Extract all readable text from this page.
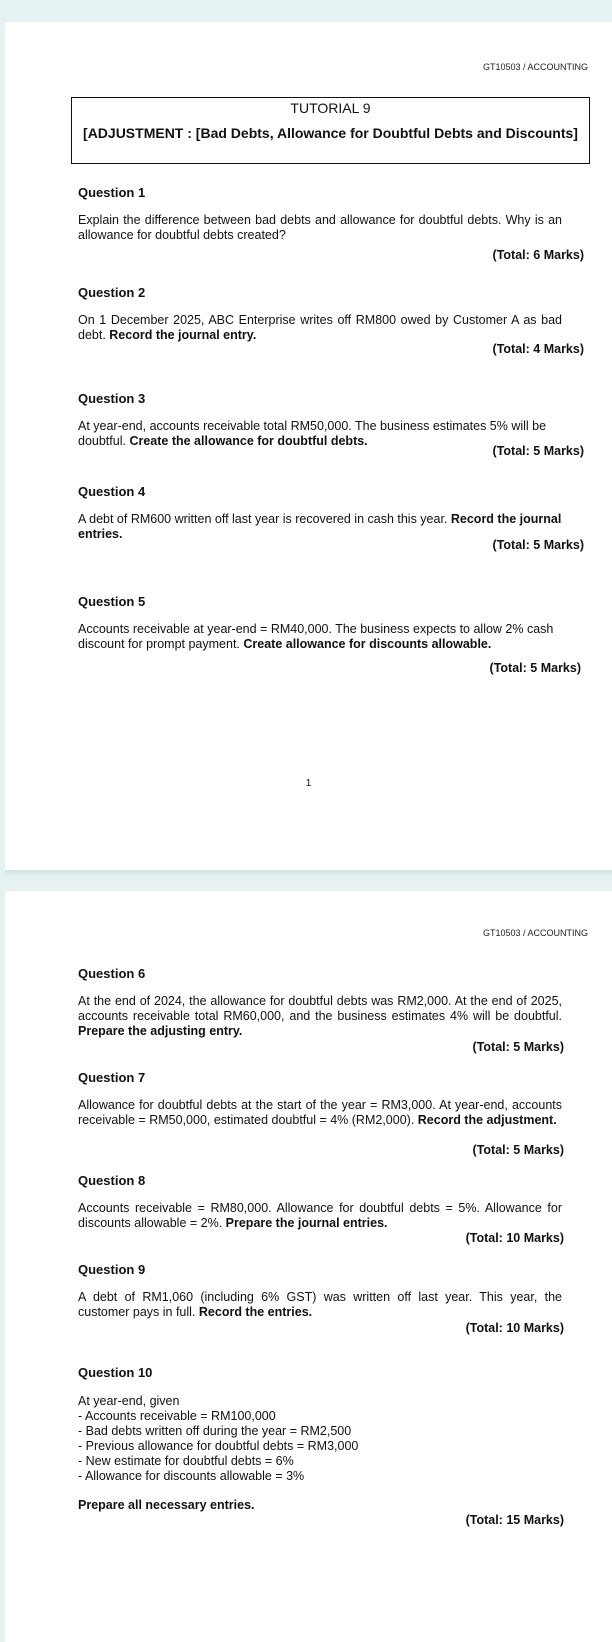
GT10503 / ACCOUNTING
TUTORIAL 9
[ADJUSTMENT : [Bad Debts, Allowance for Doubtful Debts and Discounts]
Question 1
Explain the difference between bad debts and allowance for doubtful debts. Why is an allowance for doubtful debts created?
(Total: 6 Marks)
Question 2
On 1 December 2025, ABC Enterprise writes off RM800 owed by Customer A as bad debt. Record the journal entry.
(Total: 4 Marks)
Question 3
At year-end, accounts receivable total RM50,000. The business estimates 5% will be doubtful. Create the allowance for doubtful debts.
(Total: 5 Marks)
Question 4
A debt of RM600 written off last year is recovered in cash this year. Record the journal entries.
(Total: 5 Marks)
Question 5
Accounts receivable at year-end = RM40,000. The business expects to allow 2% cash discount for prompt payment. Create allowance for discounts allowable.
(Total: 5 Marks)
1
GT10503 / ACCOUNTING
Question 6
At the end of 2024, the allowance for doubtful debts was RM2,000. At the end of 2025, accounts receivable total RM60,000, and the business estimates 4% will be doubtful. Prepare the adjusting entry.
(Total: 5 Marks)
Question 7
Allowance for doubtful debts at the start of the year = RM3,000. At year-end, accounts receivable = RM50,000, estimated doubtful = 4% (RM2,000). Record the adjustment.
(Total: 5 Marks)
Question 8
Accounts receivable = RM80,000. Allowance for doubtful debts = 5%. Allowance for discounts allowable = 2%. Prepare the journal entries.
(Total: 10 Marks)
Question 9
A debt of RM1,060 (including 6% GST) was written off last year. This year, the customer pays in full. Record the entries.
(Total: 10 Marks)
Question 10
At year-end, given
- Accounts receivable = RM100,000
- Bad debts written off during the year = RM2,500
- Previous allowance for doubtful debts = RM3,000
- New estimate for doubtful debts = 6%
- Allowance for discounts allowable = 3%
Prepare all necessary entries.
(Total: 15 Marks)
